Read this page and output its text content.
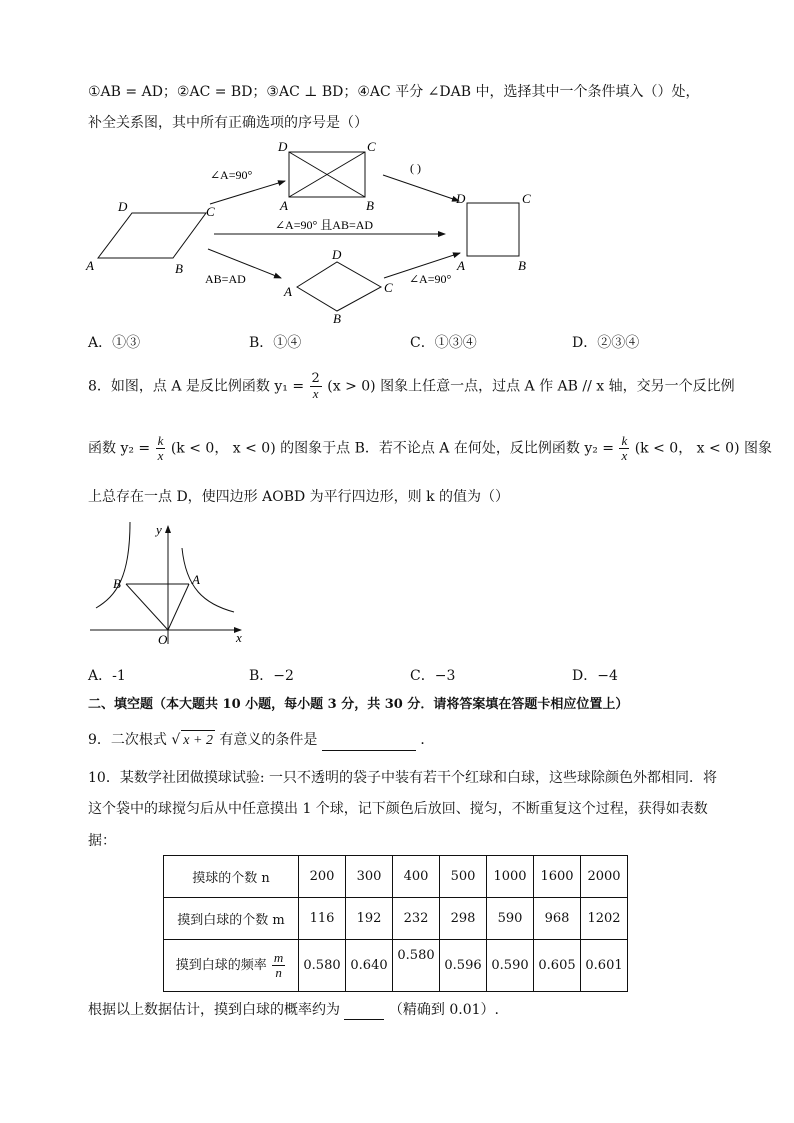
①AB = AD；②AC = BD；③AC ⊥ BD；④AC 平分 ∠DAB 中，选择其中一个条件填入（）处，
补全关系图，其中所有正确选项的序号是（）
D	C
A	B
D	C
A	B
D
A	C
B
D	C
A	B
∠A=90°
∠A=90° 且AB=AD
AB=AD
( )
∠A=90°
A．①③	B．①④	C．①③④	D．②③④
8．如图，点 A 是反比例函数 $y_1 = \frac{2}{x} (x > 0)$ 图象上任意一点，过点 A 作 AB // x 轴，交另一个反比例
函数 $y_2 = \frac{k}{x} (k < 0$， x < 0) 的图象于点 B．若不论点 A 在何处，反比例函数 $y_2 = \frac{k}{x} (k < 0$， x < 0) 图象
上总存在一点 D，使四边形 AOBD 为平行四边形，则 k 的值为（）
y
x
O
B	A
A．-1	B．−2	C．−3	D．−4
二、填空题（本大题共 10 小题，每小题 3 分，共 30 分．请将答案填在答题卡相应位置上）
9．二次根式 √ x + 2 有意义的条件是	．
10．某数学社团做摸球试验: 一只不透明的袋子中装有若干个红球和白球，这些球除颜色外都相同．将
这个袋中的球搅匀后从中任意摸出 1 个球，记下颜色后放回、搅匀，不断重复这个过程，获得如表数
据：
摸球的个数 n	200	300	400	500	1000	1600	2000
摸到白球的个数 m	116	192	232	298	590	968	1202
摸到白球的频率 $\frac{m}{n}$	0.580	0.640	0.580	0.596	0.590	0.605	0.601
根据以上数据估计，摸到白球的概率约为	（精确到 0.01）.
